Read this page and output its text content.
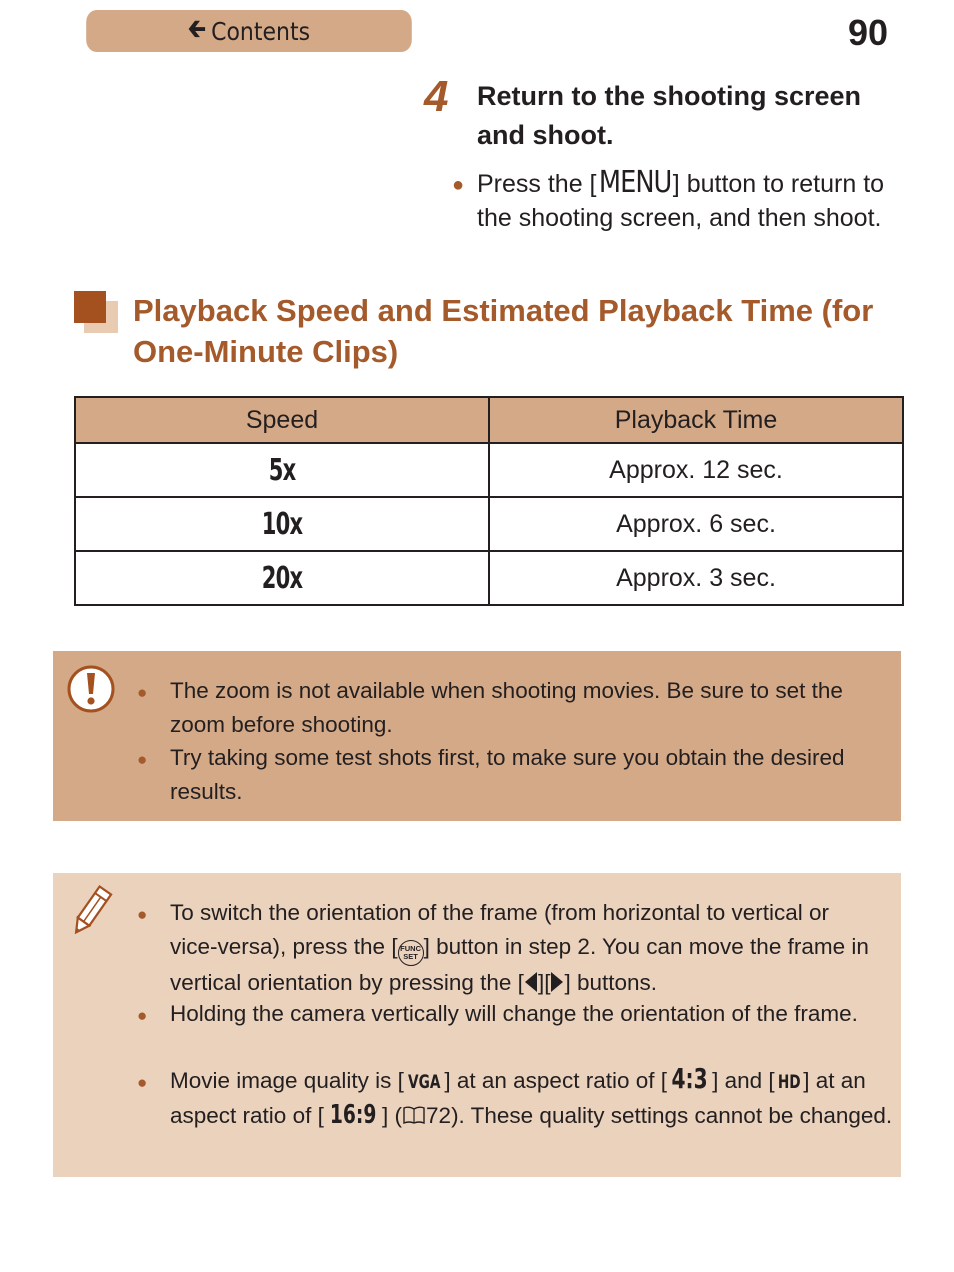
🡰 Contents	90
4 Return to the shooting screen and shoot.
● Press the [MENU] button to return to the shooting screen, and then shoot.
Playback Speed and Estimated Playback Time (for One-Minute Clips)
Speed	Playback Time
5x	Approx. 12 sec.
10x	Approx. 6 sec.
20x	Approx. 3 sec.
● The zoom is not available when shooting movies. Be sure to set the zoom before shooting.
● Try taking some test shots first, to make sure you obtain the desired results.
● To switch the orientation of the frame (from horizontal to vertical or vice-versa), press the [ FUNC
SET ] button in step 2. You can move the frame in vertical orientation by pressing the [ ][ ] buttons.
● Holding the camera vertically will change the orientation of the frame.
● Movie image quality is [ VGA ] at an aspect ratio of [ 4:3 ] and [ HD ] at an aspect ratio of [ 16:9 ] ( 72). These quality settings cannot be changed.
